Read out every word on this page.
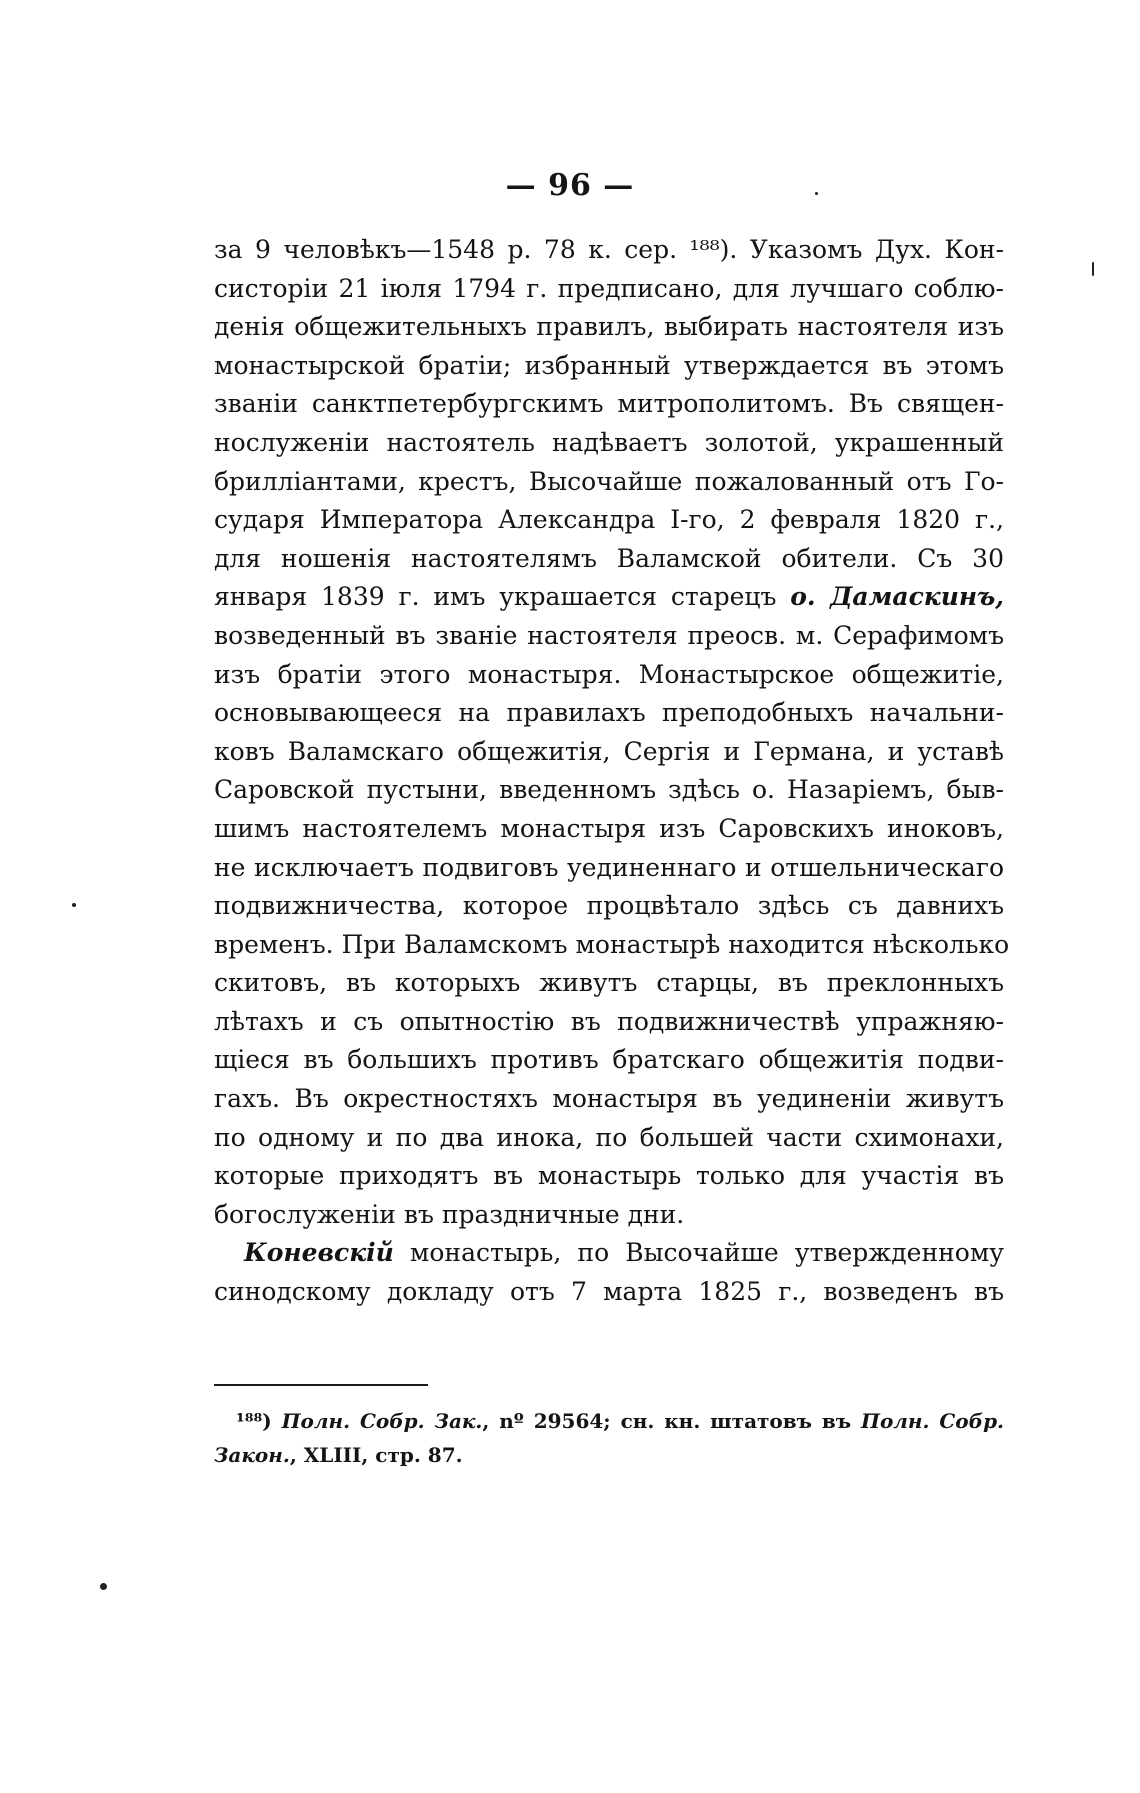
— 96 —
за 9 человѣкъ—1548 р. 78 к. сер. ¹⁸⁸). Указомъ Дух. Кон-
систоріи 21 іюля 1794 г. предписано, для лучшаго соблю-
денія общежительныхъ правилъ, выбирать настоятеля изъ
монастырской братіи; избранный утверждается въ этомъ
званіи санктпетербургскимъ митрополитомъ. Въ священ-
нослуженіи настоятель надѣваетъ золотой, украшенный
бриллiантами, крестъ, Высочайше пожалованный отъ Го-
сударя Императора Александра I-го, 2 февраля 1820 г.,
для ношенія настоятелямъ Валамской обители. Съ 30
января 1839 г. имъ украшается старецъ о. Дамаскинъ,
возведенный въ званіе настоятеля преосв. м. Серафимомъ
изъ братіи этого монастыря. Монастырское общежитіе,
основывающееся на правилахъ преподобныхъ начальни-
ковъ Валамскаго общежитія, Сергія и Германа, и уставѣ
Саровской пустыни, введенномъ здѣсь о. Назаріемъ, быв-
шимъ настоятелемъ монастыря изъ Саровскихъ иноковъ,
не исключаетъ подвиговъ уединеннаго и отшельническаго
подвижничества, которое процвѣтало здѣсь съ давнихъ
временъ. При Валамскомъ монастырѣ находится нѣсколько
скитовъ, въ которыхъ живутъ старцы, въ преклонныхъ
лѣтахъ и съ опытностію въ подвижничествѣ упражняю-
щіеся въ большихъ противъ братскаго общежитія подви-
гахъ. Въ окрестностяхъ монастыря въ уединеніи живутъ
по одному и по два инока, по большей части схимонахи,
которые приходятъ въ монастырь только для участія въ
богослуженіи въ праздничные дни.
Коневскій монастырь, по Высочайше утвержденному
синодскому докладу отъ 7 марта 1825 г., возведенъ въ
¹⁸⁸) Полн. Собр. Зак., nº 29564; сн. кн. штатовъ въ Полн. Собр.
Закон., XLIII, стр. 87.
